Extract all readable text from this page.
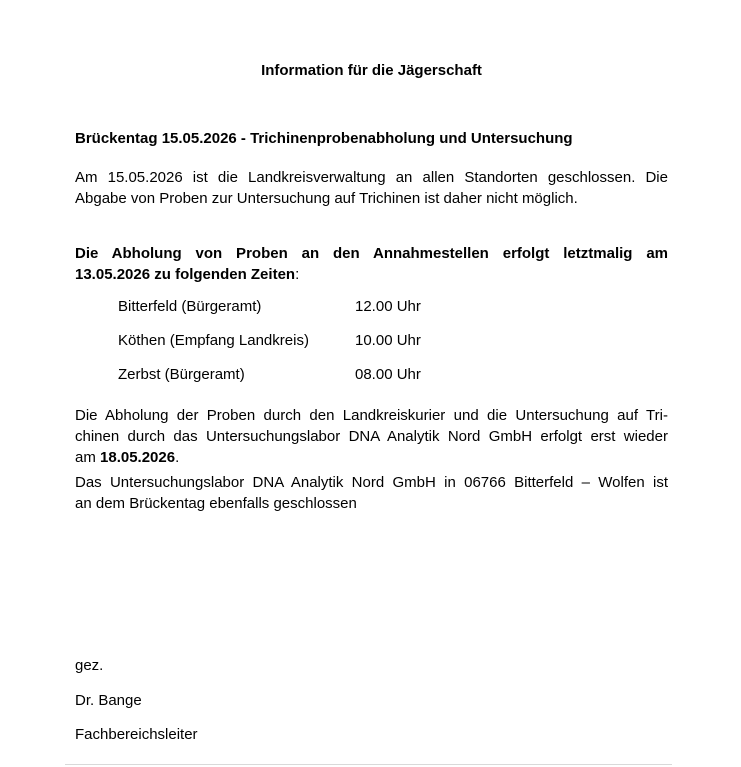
Information für die Jägerschaft
Brückentag 15.05.2026 - Trichinenprobenabholung und Untersuchung
Am 15.05.2026 ist die Landkreisverwaltung an allen Standorten geschlossen. Die
Abgabe von Proben zur Untersuchung auf Trichinen ist daher nicht möglich.
Die Abholung von Proben an den Annahmestellen erfolgt letztmalig am
13.05.2026 zu folgenden Zeiten:
Bitterfeld (Bürgeramt)	12.00 Uhr
Köthen (Empfang Landkreis)	10.00 Uhr
Zerbst (Bürgeramt)	08.00 Uhr
Die Abholung der Proben durch den Landkreiskurier und die Untersuchung auf Tri-
chinen durch das Untersuchungslabor DNA Analytik Nord GmbH erfolgt erst wieder
am 18.05.2026.
Das Untersuchungslabor DNA Analytik Nord GmbH in 06766 Bitterfeld – Wolfen ist
an dem Brückentag ebenfalls geschlossen
gez.
Dr. Bange
Fachbereichsleiter
